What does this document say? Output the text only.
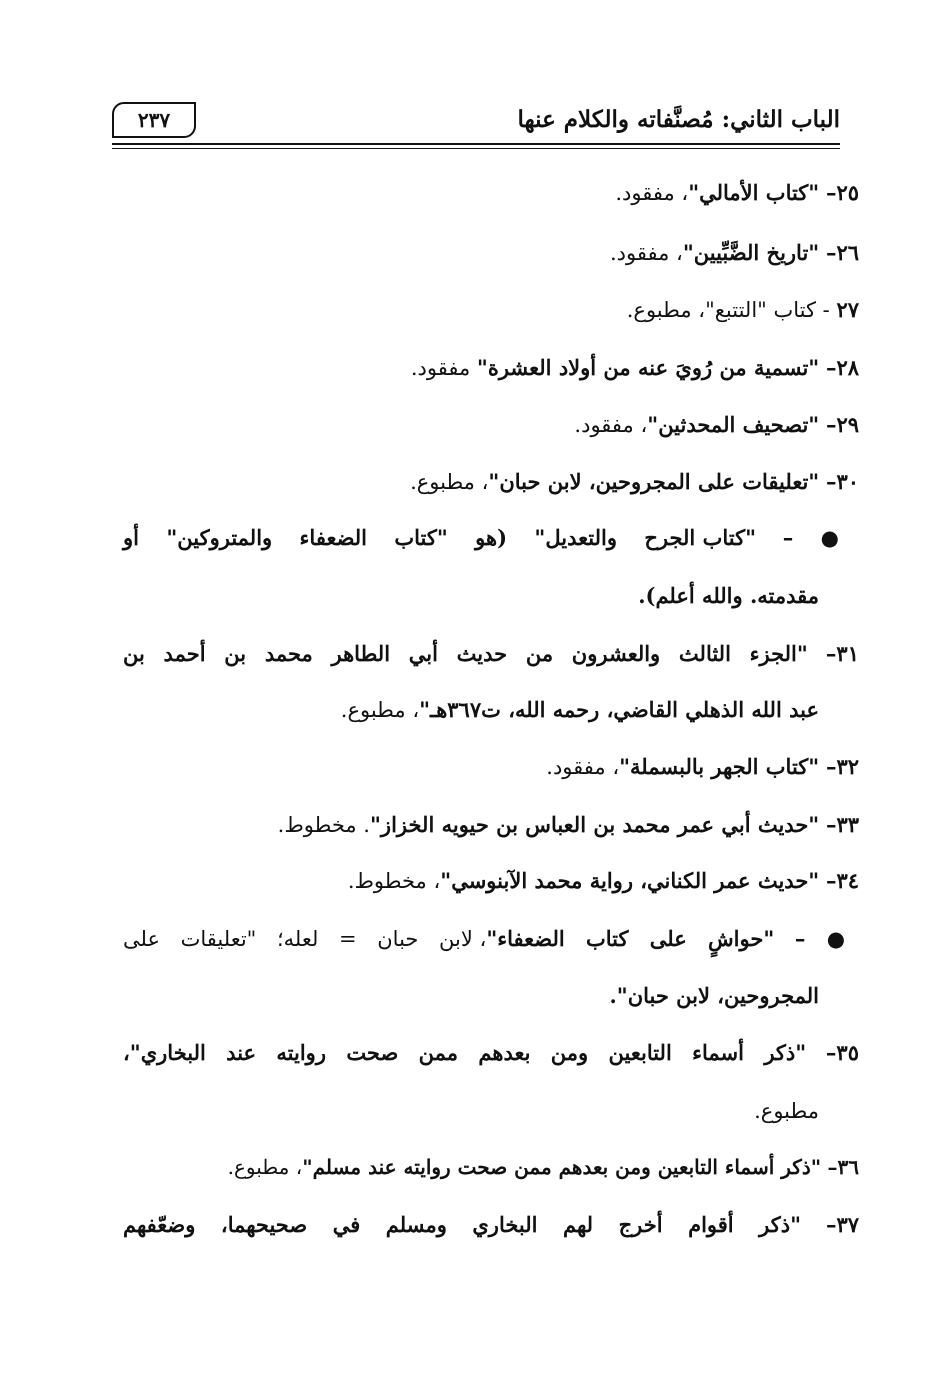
الباب الثاني: مُصنَّفاته والكلام عنها
٢٣٧
٢٥– "كتاب الأمالي"، مفقود.
٢٦– "تاريخ الضَّبِّيين"، مفقود.
٢٧ - كتاب "التتبع"، مطبوع.
٢٨– "تسمية من رُويَ عنه من أولاد العشرة" مفقود.
٢٩– "تصحيف المحدثين"، مفقود.
٣٠– "تعليقات على المجروحين، لابن حبان"، مطبوع.
● – "كتاب الجرح والتعديل" (هو "كتاب الضعفاء والمتروكين" أو
مقدمته. والله أعلم).
٣١– "الجزء الثالث والعشرون من حديث أبي الطاهر محمد بن أحمد بن
عبد الله الذهلي القاضي، رحمه الله، ت٣٦٧هـ"، مطبوع.
٣٢– "كتاب الجهر بالبسملة"، مفقود.
٣٣– "حديث أبي عمر محمد بن العباس بن حيويه الخزاز". مخطوط.
٣٤– "حديث عمر الكناني، رواية محمد الآبنوسي"، مخطوط.
● – "حواشٍ على كتاب الضعفاء"، لابن حبان = لعله؛ "تعليقات على
المجروحين، لابن حبان".
٣٥– "ذكر أسماء التابعين ومن بعدهم ممن صحت روايته عند البخاري"،
مطبوع.
٣٦– "ذكر أسماء التابعين ومن بعدهم ممن صحت روايته عند مسلم"، مطبوع.
٣٧– "ذكر أقوام أخرج لهم البخاري ومسلم في صحيحهما، وضعّفهم
